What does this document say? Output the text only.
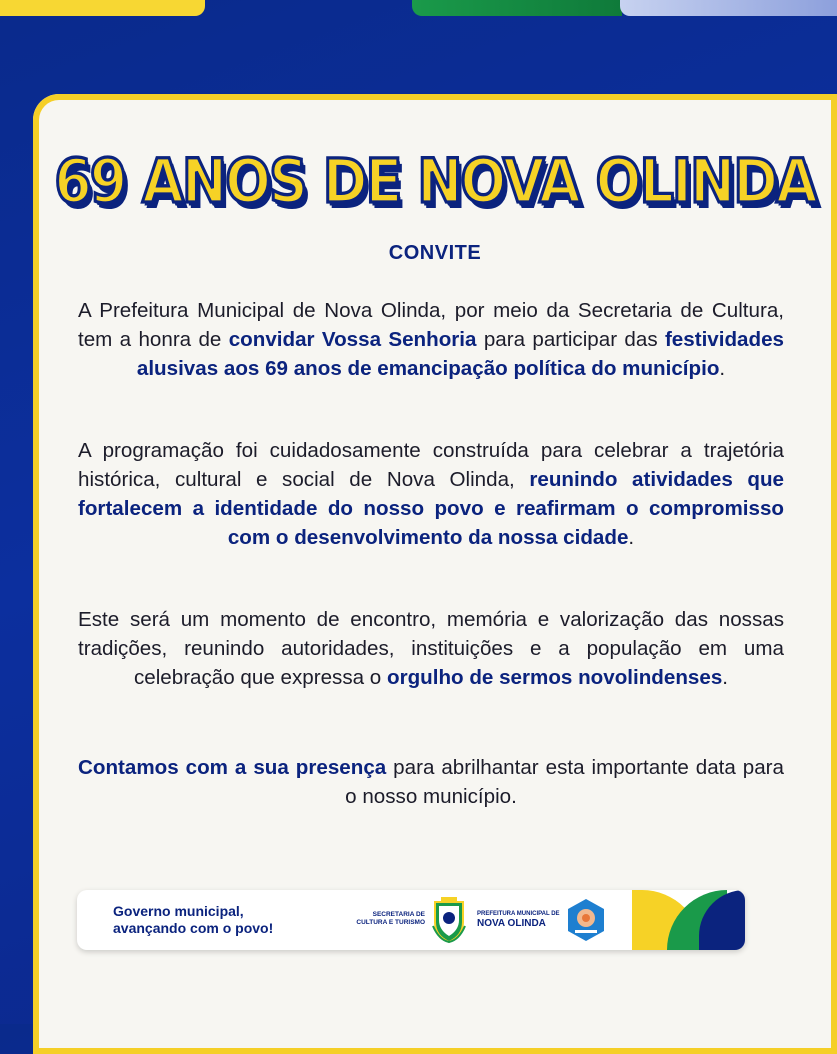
69 ANOS DE NOVA OLINDA
CONVITE

A Prefeitura Municipal de Nova Olinda, por meio da Secretaria de Cultura, tem a honra de convidar Vossa Senhoria para participar das festividades alusivas aos 69 anos de emancipação política do município.

A programação foi cuidadosamente construída para celebrar a trajetória histórica, cultural e social de Nova Olinda, reunindo atividades que fortalecem a identidade do nosso povo e reafirmam o compromisso com o desenvolvimento da nossa cidade.

Este será um momento de encontro, memória e valorização das nossas tradições, reunindo autoridades, instituições e a população em uma celebração que expressa o orgulho de sermos novolindenses.

Contamos com a sua presença para abrilhantar esta importante data para o nosso município.

Governo municipal,
avançando com o povo!
SECRETARIA DE
CULTURA E TURISMO
PREFEITURA MUNICIPAL DE
NOVA OLINDA
